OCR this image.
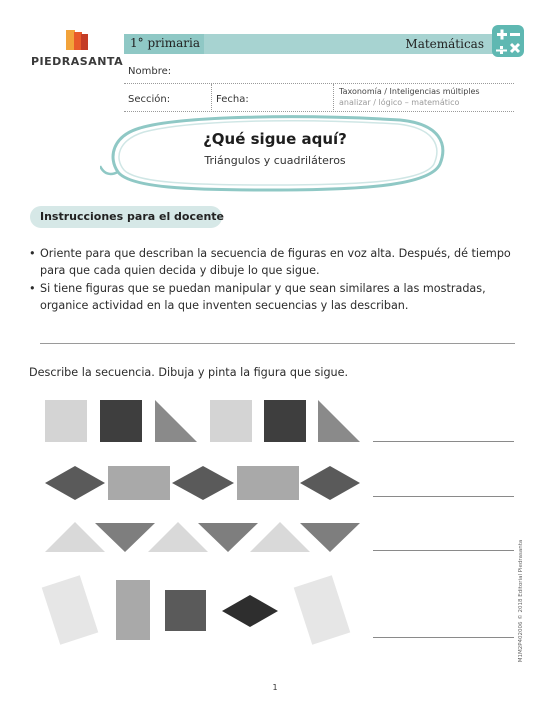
PIEDRASANTA
1° primaria	Matemáticas
Nombre:
Sección:	Fecha:
Taxonomía / Inteligencias múltiples
analizar / lógico – matemático
¿Qué sigue aquí?
Triángulos y cuadriláteros
Instrucciones para el docente
• Oriente para que describan la secuencia de figuras en voz alta. Después, dé tiempo para que cada quien decida y dibuje lo que sigue.
• Si tiene figuras que se puedan manipular y que sean similares a las mostradas, organice actividad en la que inventen secuencias y las describan.
Describe la secuencia. Dibuja y pinta la figura que sigue.
1
M1M2P402006 © 2018 Editorial Piedrasanta
